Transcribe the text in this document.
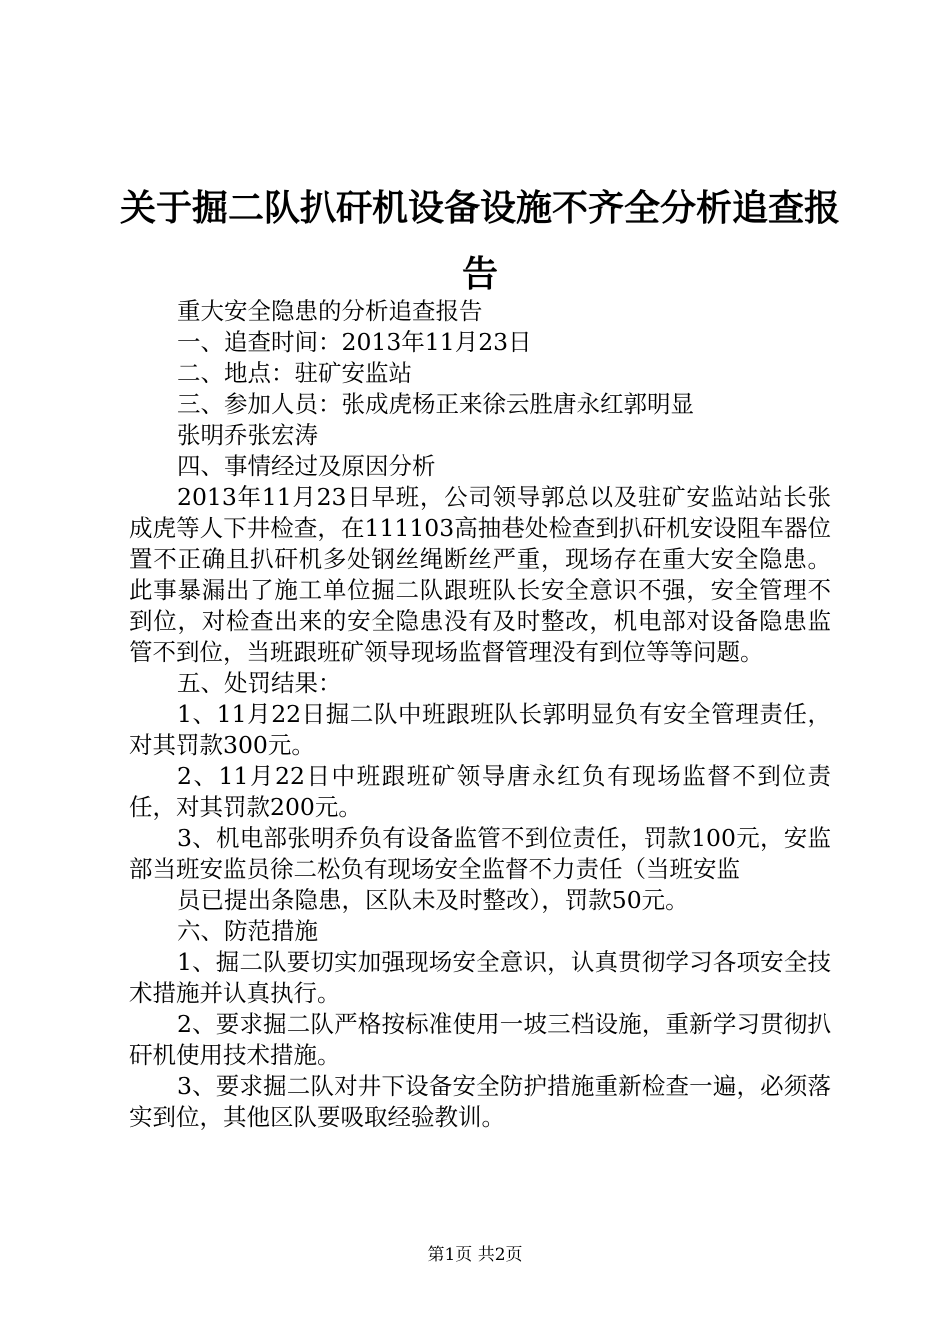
关于掘二队扒矸机设备设施不齐全分析追查报告

重大安全隐患的分析追查报告

一、追查时间：2013年11月23日

二、地点：驻矿安监站

三、参加人员：张成虎杨正来徐云胜唐永红郭明显

张明乔张宏涛

四、事情经过及原因分析

2013年11月23日早班，公司领导郭总以及驻矿安监站站长张成虎等人下井检查，在111103高抽巷处检查到扒矸机安设阻车器位置不正确且扒矸机多处钢丝绳断丝严重，现场存在重大安全隐患。此事暴漏出了施工单位掘二队跟班队长安全意识不强，安全管理不到位，对检查出来的安全隐患没有及时整改，机电部对设备隐患监管不到位，当班跟班矿领导现场监督管理没有到位等等问题。

五、处罚结果：

1、11月22日掘二队中班跟班队长郭明显负有安全管理责任，对其罚款300元。

2、11月22日中班跟班矿领导唐永红负有现场监督不到位责任，对其罚款200元。

3、机电部张明乔负有设备监管不到位责任，罚款100元，安监部当班安监员徐二松负有现场安全监督不力责任（当班安监

员已提出条隐患，区队未及时整改），罚款50元。

六、防范措施

1、掘二队要切实加强现场安全意识，认真贯彻学习各项安全技术措施并认真执行。

2、要求掘二队严格按标准使用一坡三档设施，重新学习贯彻扒矸机使用技术措施。

3、要求掘二队对井下设备安全防护措施重新检查一遍，必须落实到位，其他区队要吸取经验教训。

第1页 共2页
